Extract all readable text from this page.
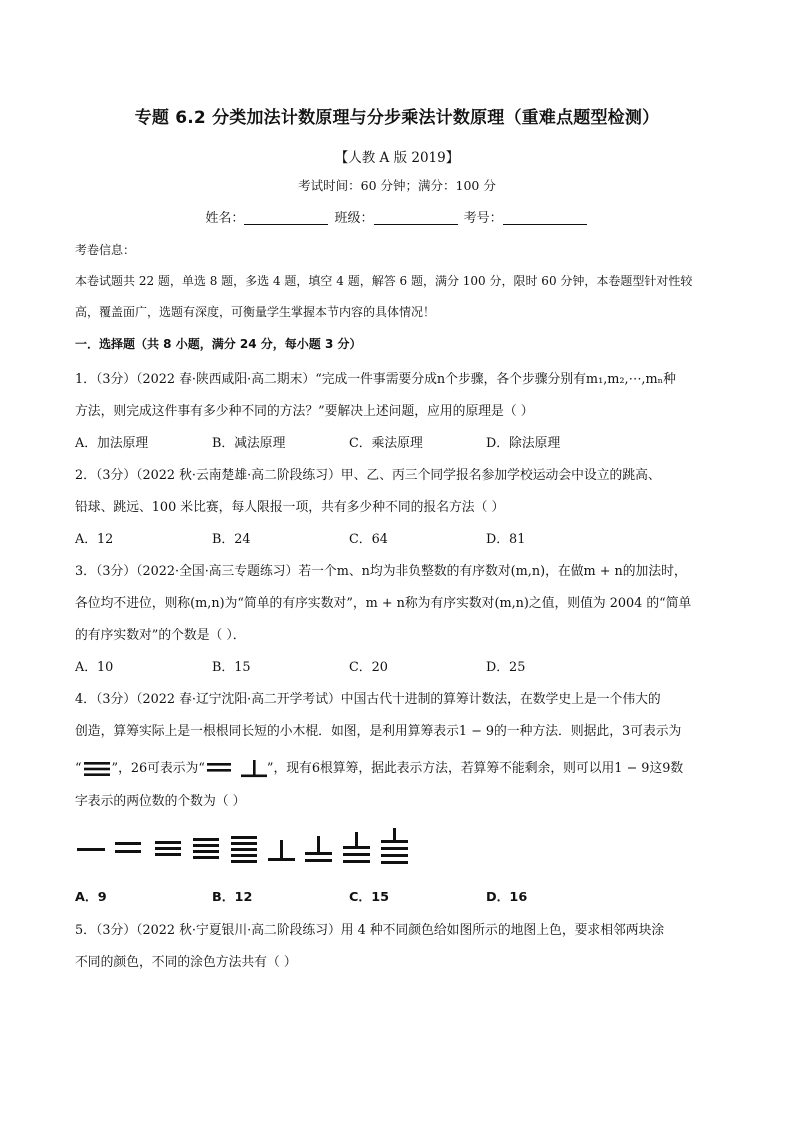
专题 6.2 分类加法计数原理与分步乘法计数原理（重难点题型检测）
【人教 A 版 2019】
考试时间：60 分钟；满分：100 分
姓名：	班级：	考号：
考卷信息：
本卷试题共 22 题，单选 8 题，多选 4 题，填空 4 题，解答 6 题，满分 100 分，限时 60 分钟，本卷题型针对性较
高，覆盖面广，选题有深度，可衡量学生掌握本节内容的具体情况！
一．选择题（共 8 小题，满分 24 分，每小题 3 分）
1．（3分）（2022 春·陕西咸阳·高二期末）“完成一件事需要分成n个步骤，各个步骤分别有m₁,m₂,⋯,mₙ种
方法，则完成这件事有多少种不同的方法？”要解决上述问题，应用的原理是（ ）
A．加法原理	B．减法原理	C．乘法原理	D．除法原理
2．（3分）（2022 秋·云南楚雄·高二阶段练习）甲、乙、丙三个同学报名参加学校运动会中设立的跳高、
铅球、跳远、100 米比赛，每人限报一项，共有多少种不同的报名方法（ ）
A．12	B．24	C．64	D．81
3．（3分）（2022·全国·高三专题练习）若一个m、n均为非负整数的有序数对(m,n)，在做m + n的加法时，
各位均不进位，则称(m,n)为“简单的有序实数对”，m + n称为有序实数对(m,n)之值，则值为 2004 的“简单
的有序实数对”的个数是（ ）．
A．10	B．15	C．20	D．25
4．（3分）（2022 春·辽宁沈阳·高二开学考试）中国古代十进制的算筹计数法，在数学史上是一个伟大的
创造，算筹实际上是一根根同长短的小木棍．如图，是利用算筹表示1 − 9的一种方法．则据此，3可表示为
“ ”，26可表示为“	”，现有6根算筹，据此表示方法，若算筹不能剩余，则可以用1 − 9这9数
字表示的两位数的个数为（ ）
A．9	B．12	C．15	D．16
5．（3分）（2022 秋·宁夏银川·高二阶段练习）用 4 种不同颜色给如图所示的地图上色，要求相邻两块涂
不同的颜色，不同的涂色方法共有（ ）
